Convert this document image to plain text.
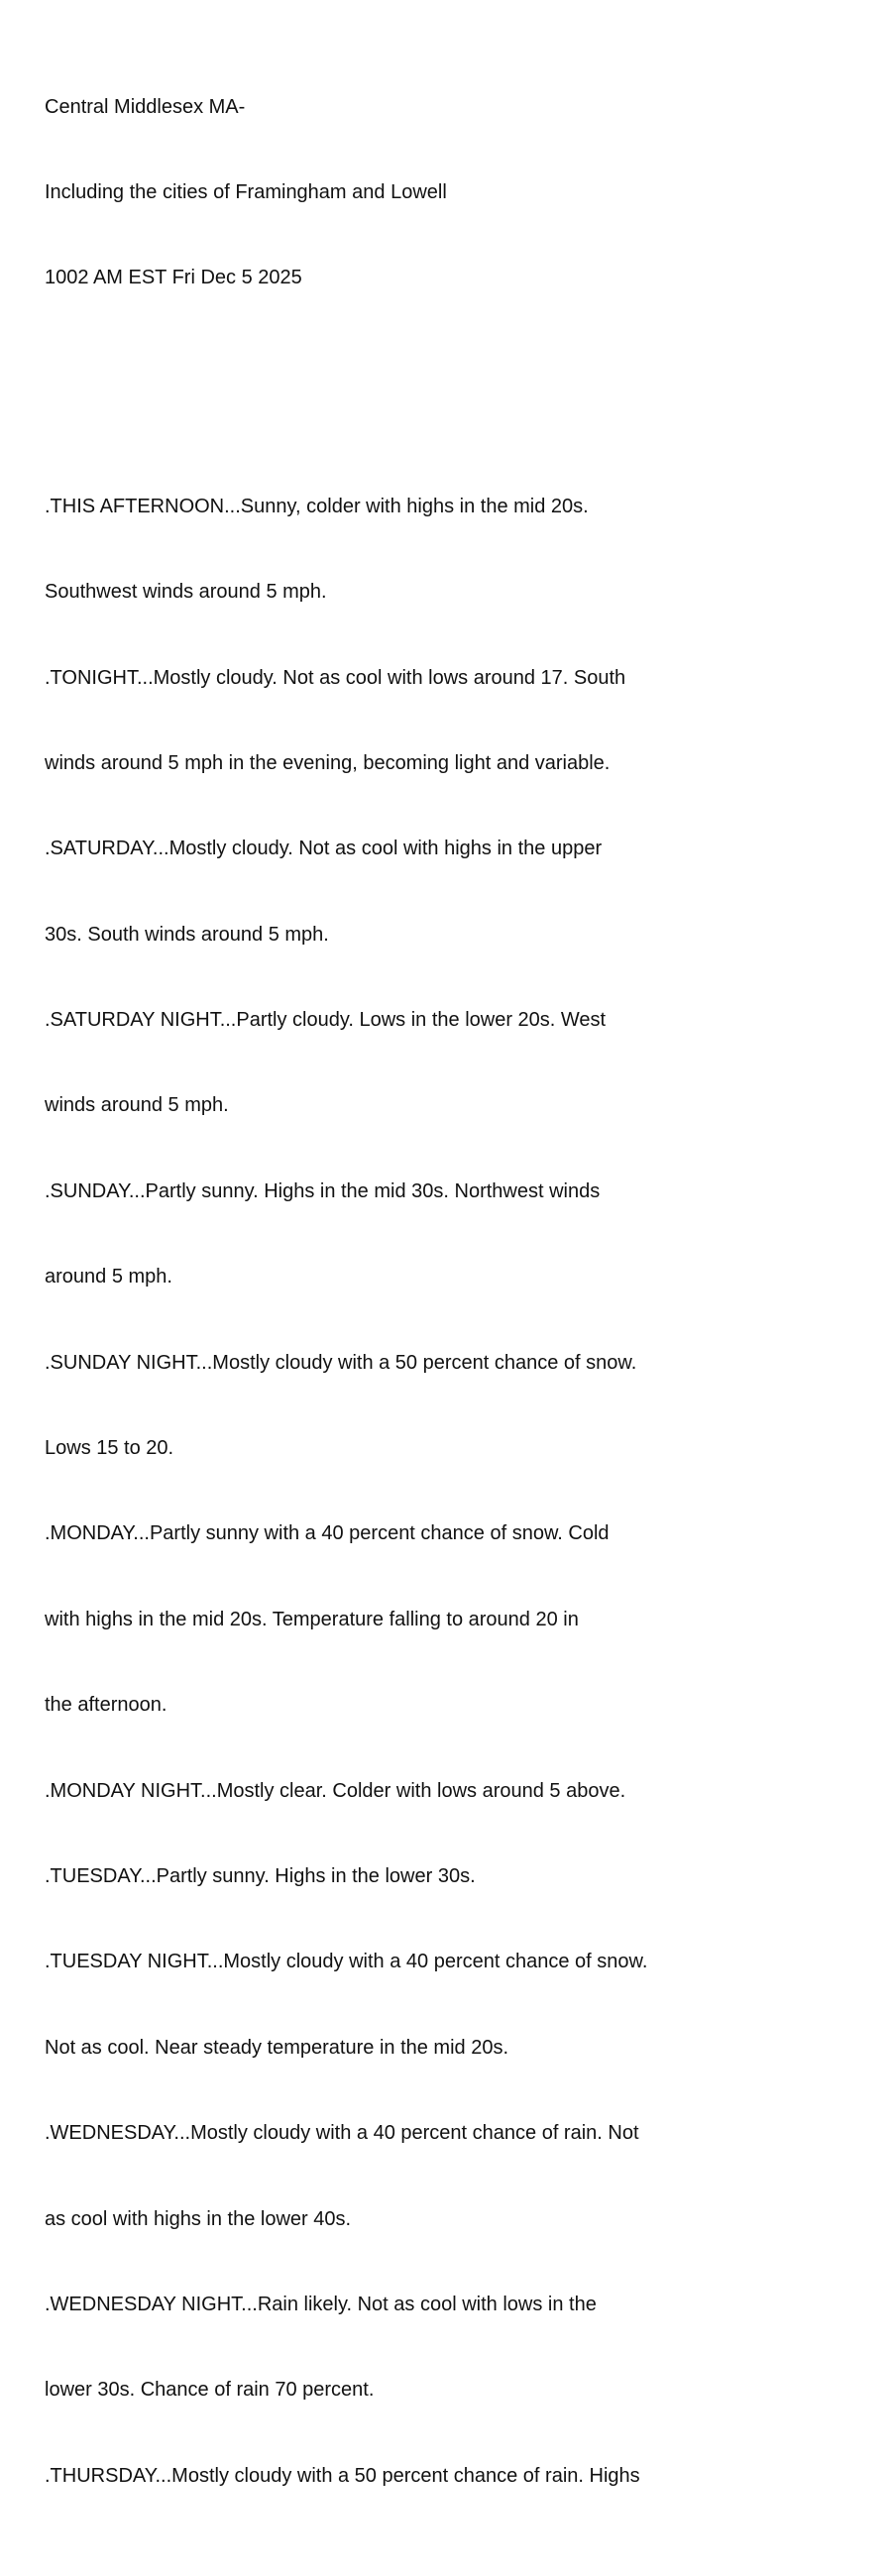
Central Middlesex MA-

Including the cities of Framingham and Lowell

1002 AM EST Fri Dec 5 2025

.THIS AFTERNOON...Sunny, colder with highs in the mid 20s.

Southwest winds around 5 mph.

.TONIGHT...Mostly cloudy. Not as cool with lows around 17. South

winds around 5 mph in the evening, becoming light and variable.

.SATURDAY...Mostly cloudy. Not as cool with highs in the upper

30s. South winds around 5 mph.

.SATURDAY NIGHT...Partly cloudy. Lows in the lower 20s. West

winds around 5 mph.

.SUNDAY...Partly sunny. Highs in the mid 30s. Northwest winds

around 5 mph.

.SUNDAY NIGHT...Mostly cloudy with a 50 percent chance of snow.

Lows 15 to 20.

.MONDAY...Partly sunny with a 40 percent chance of snow. Cold

with highs in the mid 20s. Temperature falling to around 20 in

the afternoon.

.MONDAY NIGHT...Mostly clear. Colder with lows around 5 above.

.TUESDAY...Partly sunny. Highs in the lower 30s.

.TUESDAY NIGHT...Mostly cloudy with a 40 percent chance of snow.

Not as cool. Near steady temperature in the mid 20s.

.WEDNESDAY...Mostly cloudy with a 40 percent chance of rain. Not

as cool with highs in the lower 40s.

.WEDNESDAY NIGHT...Rain likely. Not as cool with lows in the

lower 30s. Chance of rain 70 percent.

.THURSDAY...Mostly cloudy with a 50 percent chance of rain. Highs
